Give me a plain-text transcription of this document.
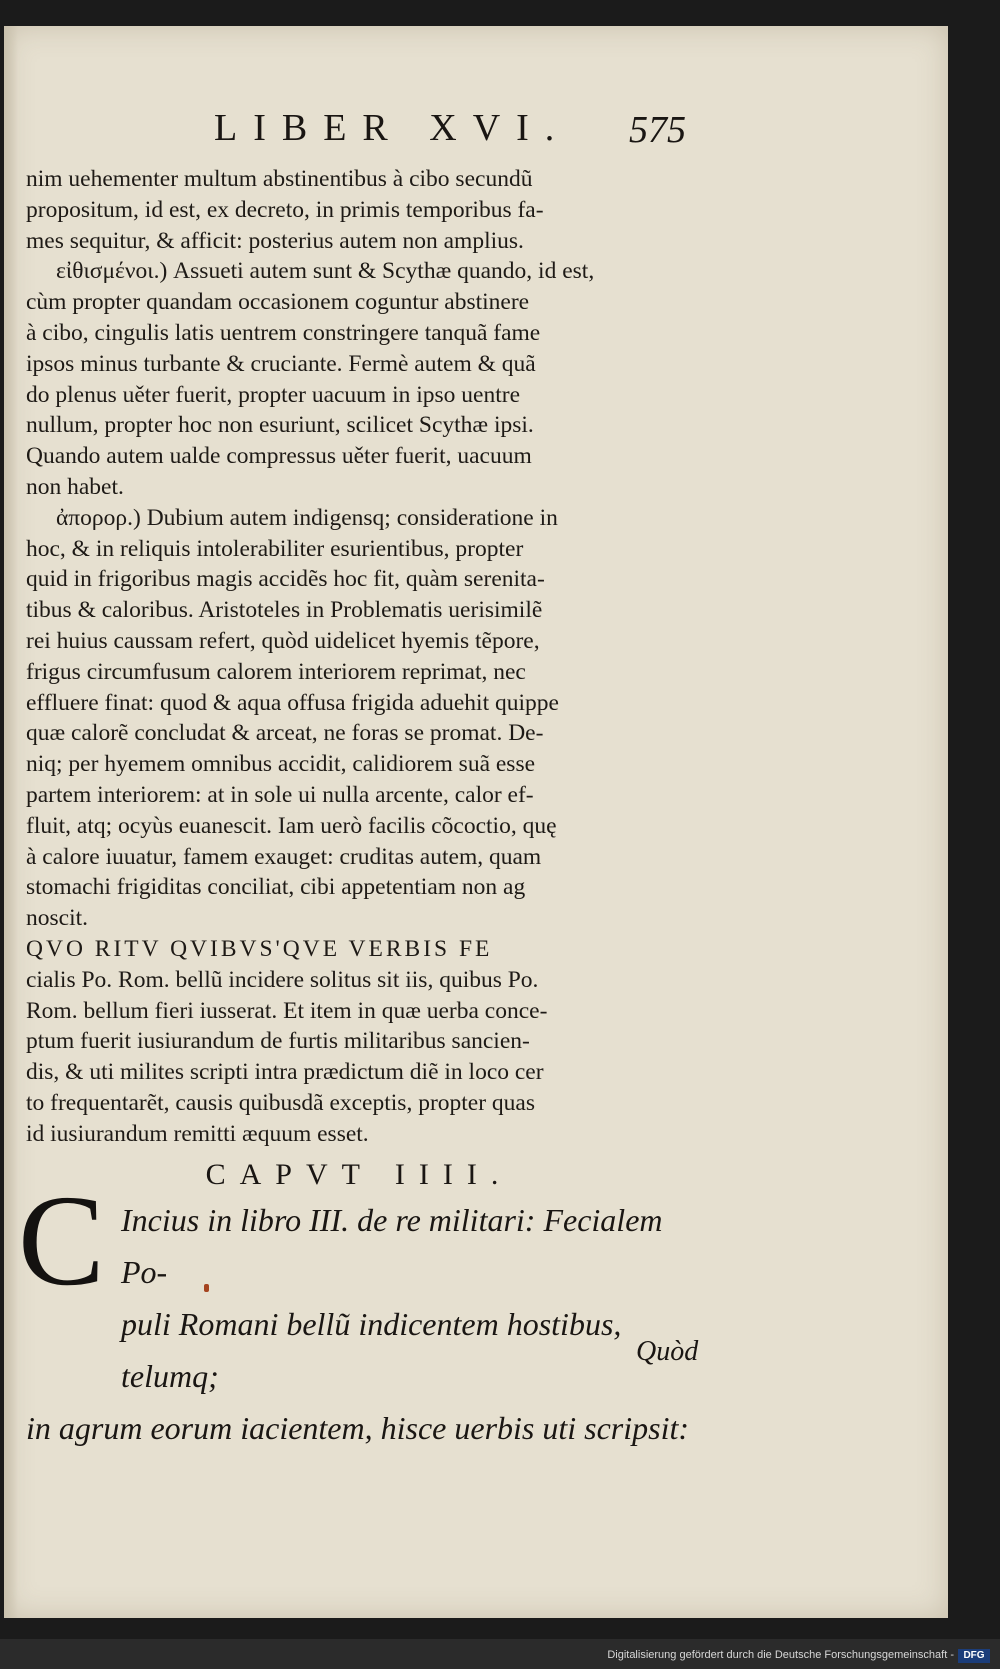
LIBER XVI. 575
nim uehementer multum abstinentibus à cibo secundũ
propositum, id est, ex decreto, in primis temporibus fa-
mes sequitur, & afficit: posterius autem non amplius.
εἰθισμένοι.) Assueti autem sunt & Scythæ quando, id est,
cùm propter quandam occasionem coguntur abstinere
à cibo, cingulis latis uentrem constringere tanquã fame
ipsos minus turbante & cruciante. Fermè autem & quã
do plenus uěter fuerit, propter uacuum in ipso uentre
nullum, propter hoc non esuriunt, scilicet Scythæ ipsi.
Quando autem ualde compressus uěter fuerit, uacuum
non habet.
ἀπορορ.) Dubium autem indigensq; consideratione in
hoc, & in reliquis intolerabiliter esurientibus, propter
quid in frigoribus magis accidẽs hoc fit, quàm serenita-
tibus & caloribus. Aristoteles in Problematis uerisimilẽ
rei huius caussam refert, quòd uidelicet hyemis tẽpore,
frigus circumfusum calorem interiorem reprimat, nec
effluere finat: quod & aqua offusa frigida aduehit quippe
quæ calorẽ concludat & arceat, ne foras se promat. De-
niq; per hyemem omnibus accidit, calidiorem suã esse
partem interiorem: at in sole ui nulla arcente, calor ef-
fluit, atq; ocyùs euanescit. Iam uerò facilis cõcoctio, quę
à calore iuuatur, famem exauget: cruditas autem, quam
stomachi frigiditas conciliat, cibi appetentiam non ag
noscit.
QVO RITV QVIBVS'QVE VERBIS FE
cialis Po. Rom. bellũ incidere solitus sit iis, quibus Po.
Rom. bellum fieri iusserat. Et item in quæ uerba conce-
ptum fuerit iusiurandum de furtis militaribus sancien-
dis, & uti milites scripti intra prædictum diẽ in loco cer
to frequentarẽt, causis quibusdã exceptis, propter quas
id iusiurandum remitti æquum esset.
CAPVT IIII.
C Incius in libro III. de re militari: Fecialem Po-
puli Romani bellũ indicentem hostibus, telumq;
in agrum eorum iacientem, hisce uerbis uti scripsit:
Quòd
Digitalisierung gefördert durch die Deutsche Forschungsgemeinschaft - DFG
